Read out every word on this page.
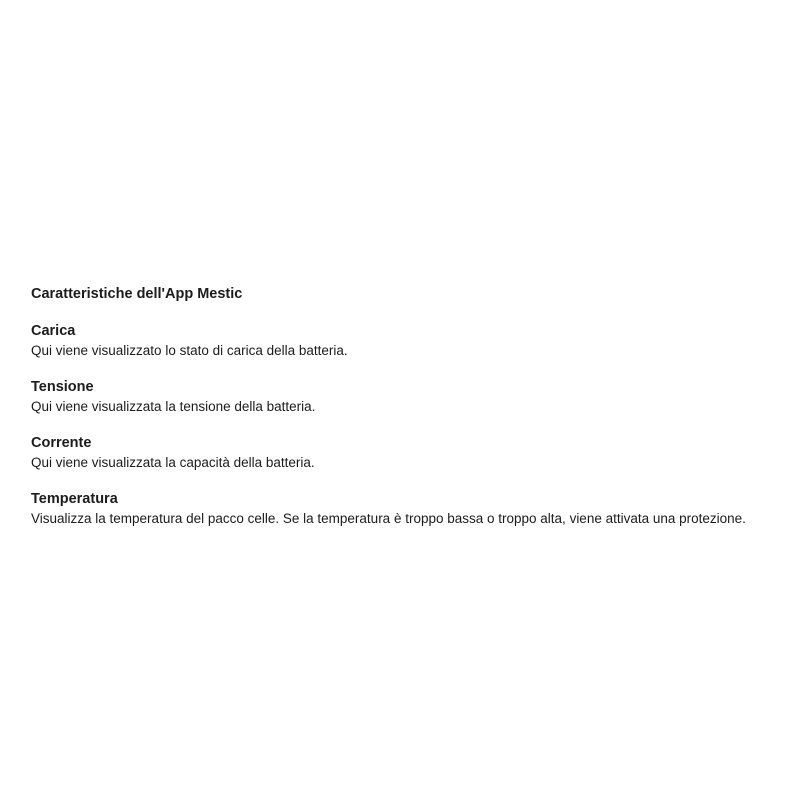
Caratteristiche dell'App Mestic

Carica

Qui viene visualizzato lo stato di carica della batteria.

Tensione

Qui viene visualizzata la tensione della batteria.

Corrente

Qui viene visualizzata la capacità della batteria.

Temperatura

Visualizza la temperatura del pacco celle. Se la temperatura è troppo bassa o troppo alta, viene attivata una protezione.
